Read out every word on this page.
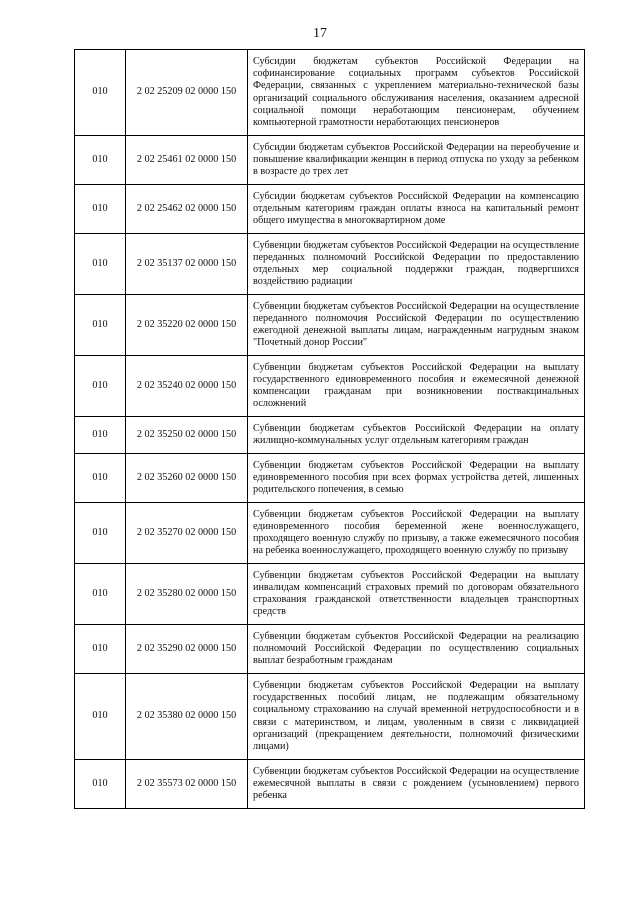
17
010	2 02 25209 02 0000 150	Субсидии бюджетам субъектов Российской Федерации на софинансирование социальных программ субъектов Российской Федерации, связанных с укреплением материально-технической базы организаций социального обслуживания населения, оказанием адресной социальной помощи неработающим пенсионерам, обучением компьютерной грамотности неработающих пенсионеров
010	2 02 25461 02 0000 150	Субсидии бюджетам субъектов Российской Федерации на переобучение и повышение квалификации женщин в период отпуска по уходу за ребенком в возрасте до трех лет
010	2 02 25462 02 0000 150	Субсидии бюджетам субъектов Российской Федерации на компенсацию отдельным категориям граждан оплаты взноса на капитальный ремонт общего имущества в многоквартирном доме
010	2 02 35137 02 0000 150	Субвенции бюджетам субъектов Российской Федерации на осуществление переданных полномочий Российской Федерации по предоставлению отдельных мер социальной поддержки граждан, подвергшихся воздействию радиации
010	2 02 35220 02 0000 150	Субвенции бюджетам субъектов Российской Федерации на осуществление переданного полномочия Российской Федерации по осуществлению ежегодной денежной выплаты лицам, награжденным нагрудным знаком "Почетный донор России"
010	2 02 35240 02 0000 150	Субвенции бюджетам субъектов Российской Федерации на выплату государственного единовременного пособия и ежемесячной денежной компенсации гражданам при возникновении поствакцинальных осложнений
010	2 02 35250 02 0000 150	Субвенции бюджетам субъектов Российской Федерации на оплату жилищно-коммунальных услуг отдельным категориям граждан
010	2 02 35260 02 0000 150	Субвенции бюджетам субъектов Российской Федерации на выплату единовременного пособия при всех формах устройства детей, лишенных родительского попечения, в семью
010	2 02 35270 02 0000 150	Субвенции бюджетам субъектов Российской Федерации на выплату единовременного пособия беременной жене военнослужащего, проходящего военную службу по призыву, а также ежемесячного пособия на ребенка военнослужащего, проходящего военную службу по призыву
010	2 02 35280 02 0000 150	Субвенции бюджетам субъектов Российской Федерации на выплату инвалидам компенсаций страховых премий по договорам обязательного страхования гражданской ответственности владельцев транспортных средств
010	2 02 35290 02 0000 150	Субвенции бюджетам субъектов Российской Федерации на реализацию полномочий Российской Федерации по осуществлению социальных выплат безработным гражданам
010	2 02 35380 02 0000 150	Субвенции бюджетам субъектов Российской Федерации на выплату государственных пособий лицам, не подлежащим обязательному социальному страхованию на случай временной нетрудоспособности и в связи с материнством, и лицам, уволенным в связи с ликвидацией организаций (прекращением деятельности, полномочий физическими лицами)
010	2 02 35573 02 0000 150	Субвенции бюджетам субъектов Российской Федерации на осуществление ежемесячной выплаты в связи с рождением (усыновлением) первого ребенка
